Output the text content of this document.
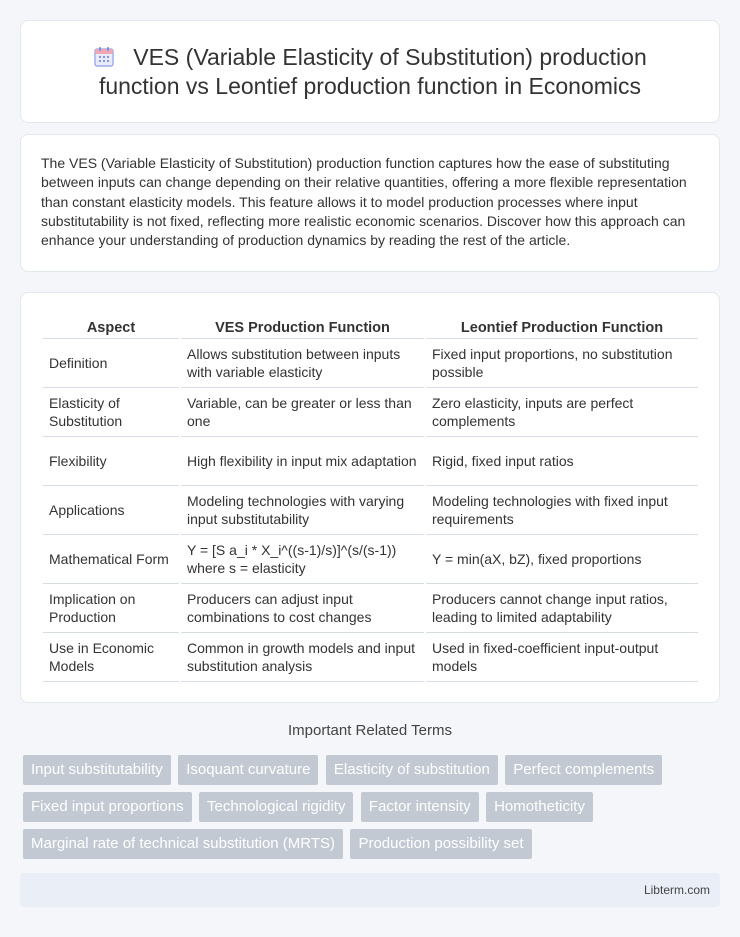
VES (Variable Elasticity of Substitution) production function vs Leontief production function in Economics

The VES (Variable Elasticity of Substitution) production function captures how the ease of substituting between inputs can change depending on their relative quantities, offering a more flexible representation than constant elasticity models. This feature allows it to model production processes where input substitutability is not fixed, reflecting more realistic economic scenarios. Discover how this approach can enhance your understanding of production dynamics by reading the rest of the article.

Aspect	VES Production Function	Leontief Production Function
Definition	Allows substitution between inputs with variable elasticity	Fixed input proportions, no substitution possible
Elasticity of Substitution	Variable, can be greater or less than one	Zero elasticity, inputs are perfect complements
Flexibility	High flexibility in input mix adaptation	Rigid, fixed input ratios
Applications	Modeling technologies with varying input substitutability	Modeling technologies with fixed input requirements
Mathematical Form	Y = [S a_i * X_i^((s-1)/s)]^(s/(s-1)) where s = elasticity	Y = min(aX, bZ), fixed proportions
Implication on Production	Producers can adjust input combinations to cost changes	Producers cannot change input ratios, leading to limited adaptability
Use in Economic Models	Common in growth models and input substitution analysis	Used in fixed-coefficient input-output models
Important Related Terms
Input substitutability Isoquant curvature Elasticity of substitution Perfect complements Fixed input proportions Technological rigidity Factor intensity Homotheticity Marginal rate of technical substitution (MRTS) Production possibility set
Libterm.com
